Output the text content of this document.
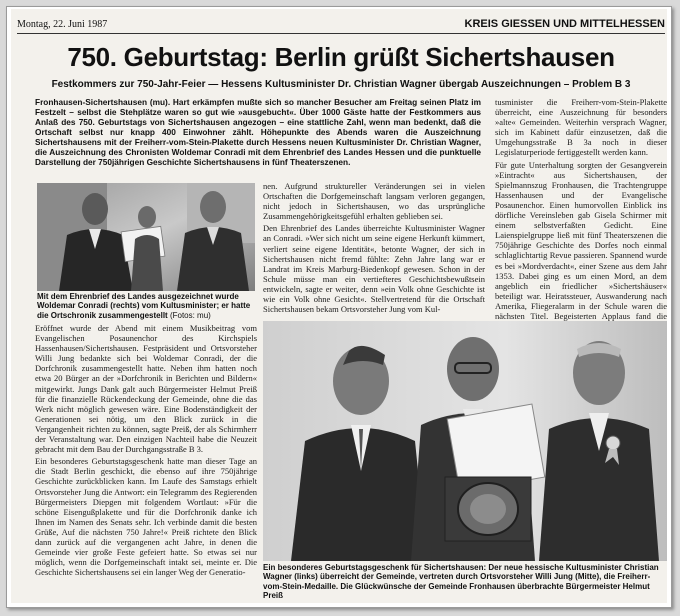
Montag, 22. Juni 1987	KREIS GIESSEN UND MITTELHESSEN
750. Geburtstag: Berlin grüßt Sichertshausen
Festkommers zur 750-Jahr-Feier — Hessens Kultusminister Dr. Christian Wagner übergab Auszeichnungen – Problem B 3
Fronhausen-Sichertshausen (mu). Hart erkämpfen mußte sich so mancher Besucher am Freitag seinen Platz im Festzelt – selbst die Stehplätze waren so gut wie »ausgebucht«. Über 1000 Gäste hatte der Festkommers aus Anlaß des 750. Geburtstags von Sichertshausen angezogen – eine stattliche Zahl, wenn man bedenkt, daß die Ortschaft selbst nur knapp 400 Einwohner zählt. Höhepunkte des Abends waren die Auszeichnung Sichertshausens mit der Freiherr-vom-Stein-Plakette durch Hessens neuen Kultusminister Dr. Christian Wagner, die Auszeichnung des Chronisten Woldemar Conradi mit dem Ehrenbrief des Landes Hessen und die punktuelle Darstellung der 750jährigen Geschichte Sichertshausens in fünf Theaterszenen.
Mit dem Ehrenbrief des Landes ausgezeichnet wurde Woldemar Conradi (rechts) vom Kultusminister; er hatte die Ortschronik zusammengestellt (Fotos: mu)

nen. Aufgrund struktureller Veränderungen sei in vielen Ortschaften die Dorfgemeinschaft langsam verloren gegangen, nicht jedoch in Sichertshausen, wo das ursprüngliche Zusammengehörigkeitsgefühl erhalten geblieben sei.

Den Ehrenbrief des Landes überreichte Kultusminister Wagner an Conradi. »Wer sich nicht um seine eigene Herkunft kümmert, verliert seine eigene Identität«, betonte Wagner, der sich in Sichertshausen nicht fremd fühlte: Zehn Jahre lang war er Landrat im Kreis Marburg-Biedenkopf gewesen. Schon in der Schule müsse man ein vertiefteres Geschichtsbewußtsein entwickeln, sagte er weiter, denn »ein Volk ohne Geschichte ist wie ein Volk ohne Gesicht«. Stellvertretend für die Ortschaft Sichertshausen bekam Ortsvorsteher Jung vom Kul-

tusminister die Freiherr-vom-Stein-Plakette überreicht, eine Auszeichnung für besonders »alte« Gemeinden. Weiterhin versprach Wagner, sich im Kabinett dafür einzusetzen, daß die Umgehungsstraße B 3a noch in dieser Legislaturperiode fertiggestellt werden kann.

Für gute Unterhaltung sorgten der Gesangverein »Eintracht« aus Sichertshausen, der Spielmannszug Fronhausen, die Trachtengruppe Hassenhausen und der Evangelische Posaunenchor. Einen humorvollen Einblick ins dörfliche Vereinsleben gab Gisela Schirmer mit einem selbstverfaßten Gedicht. Eine Laienspielgruppe ließ mit fünf Theaterszenen die 750jährige Geschichte des Dorfes noch einmal schlaglichtartig Revue passieren. Spannend wurde es bei »Mordverdacht«, einer Szene aus dem Jahr 1353. Dabei ging es um einen Mord, an dem angeblich ein friedlicher »Sichertshäuser« beteiligt war. Heiratssteuer, Auswanderung nach Amerika, Fliegeralarm in der Schule waren die nächsten Titel. Begeisterten Applaus fand die

Eröffnet wurde der Abend mit einem Musikbeitrag vom Evangelischen Posaunenchor des Kirchspiels Hassenhausen/Sichertshausen. Festpräsident und Ortsvorsteher Willi Jung bedankte sich bei Woldemar Conradi, der die Dorfchronik zusammengestellt hatte. Neben ihm hatten noch etwa 20 Bürger an der »Dorfchronik in Berichten und Bildern« mitgewirkt. Jungs Dank galt auch Bürgermeister Helmut Preiß für die finanzielle Rückendeckung der Gemeinde, ohne die das Werk nicht möglich gewesen wäre. Eine Bodenständigkeit der Generationen sei nötig, um den Blick zurück in die Vergangenheit richten zu können, sagte Preiß, der als Schirmherr der Veranstaltung war. Den einzigen Nachteil habe die Neuzeit gebracht mit dem Bau der Durchgangsstraße B 3.

Ein besonderes Geburtstagsgeschenk hatte man dieser Tage an die Stadt Berlin geschickt, die ebenso auf ihre 750jährige Geschichte zurückblicken kann. Im Laufe des Samstags erhielt Ortsvorsteher Jung die Antwort: ein Telegramm des Regierenden Bürgermeisters Diepgen mit folgendem Wortlaut: »Für die schöne Eisengußplakette und für die Dorfchronik danke ich Ihnen im Namen des Senats sehr. Ich verbinde damit die besten Grüße, Auf die nächsten 750 Jahre!« Preiß richtete den Blick dann zurück auf die vergangenen acht Jahre, in denen die Gemeinde vier große Feste gefeiert hatte. So etwas sei nur möglich, wenn die Dorfgemeinschaft intakt sei, meinte er. Die Geschichte Sichertshausens sei ein langer Weg der Generatio-	Ein besonderes Geburtstagsgeschenk für Sichertshausen: Der neue hessische Kultusminister Christian Wagner (links) überreicht der Gemeinde, vertreten durch Ortsvorsteher Willi Jung (Mitte), die Freiherr-vom-Stein-Medaille. Die Glückwünsche der Gemeinde Fronhausen überbrachte Bürgermeister Helmut Preiß
